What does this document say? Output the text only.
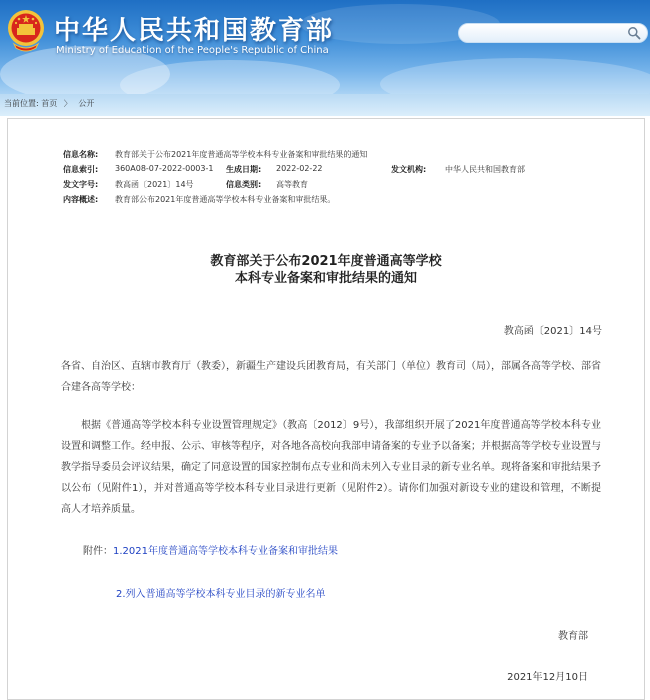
中华人民共和国教育部
Ministry of Education of the People's Republic of China
当前位置: 首页 〉 公开
信息名称: 教育部关于公布2021年度普通高等学校本科专业备案和审批结果的通知
信息索引: 360A08-07-2022-0003-1 生成日期: 2022-02-22	发文机构: 中华人民共和国教育部
发文字号: 教高函〔2021〕14号	信息类别: 高等教育
内容概述: 教育部公布2021年度普通高等学校本科专业备案和审批结果。
教育部关于公布2021年度普通高等学校
本科专业备案和审批结果的通知
教高函〔2021〕14号
各省、自治区、直辖市教育厅（教委），新疆生产建设兵团教育局，有关部门（单位）教育司（局），部属各高等学校、部省合建各高等学校：
根据《普通高等学校本科专业设置管理规定》（教高〔2012〕9号），我部组织开展了2021年度普通高等学校本科专业设置和调整工作。经申报、公示、审核等程序，对各地各高校向我部申请备案的专业予以备案；并根据高等学校专业设置与教学指导委员会评议结果，确定了同意设置的国家控制布点专业和尚未列入专业目录的新专业名单。现将备案和审批结果予以公布（见附件1），并对普通高等学校本科专业目录进行更新（见附件2）。请你们加强对新设专业的建设和管理，不断提高人才培养质量。
附件：1.2021年度普通高等学校本科专业备案和审批结果
2.列入普通高等学校本科专业目录的新专业名单
教育部
2021年12月10日
